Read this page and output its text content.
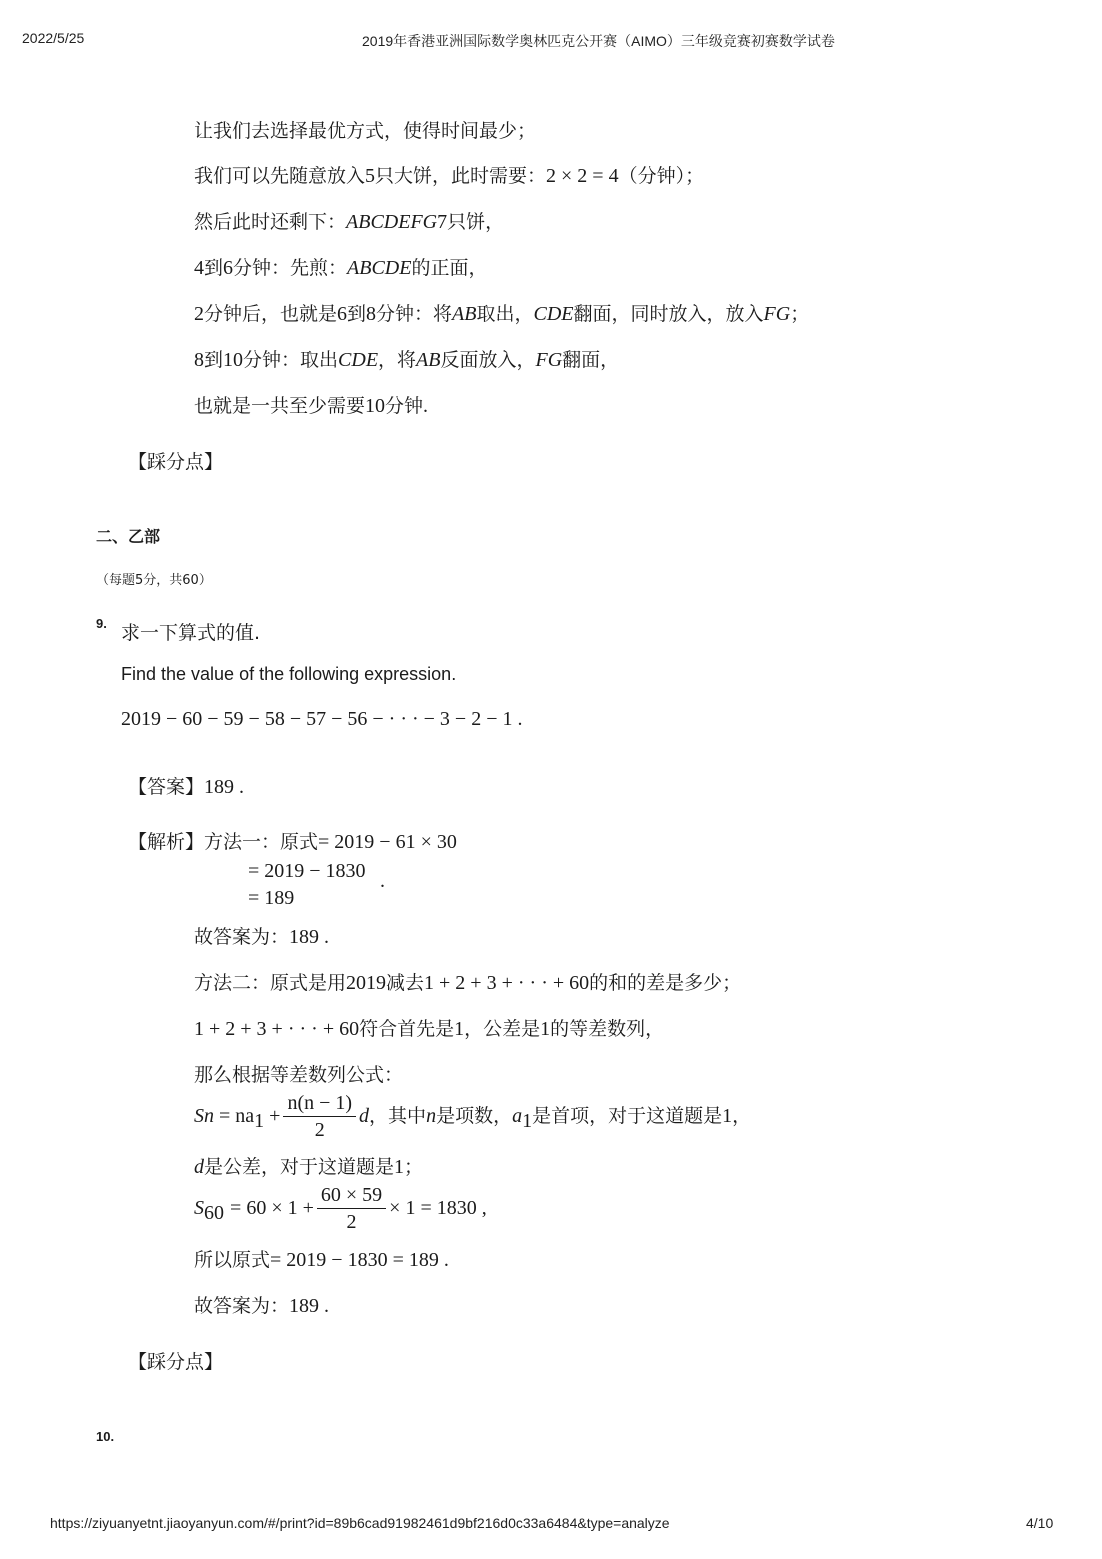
2022/5/25	2019年香港亚洲国际数学奥林匹克公开赛（AIMO）三年级竞赛初赛数学试卷
让我们去选择最优方式，使得时间最少；
我们可以先随意放入5只大饼，此时需要：2 × 2 = 4（分钟）；
然后此时还剩下：ABCDEFG7只饼，
4到6分钟：先煎：ABCDE的正面，
2分钟后，也就是6到8分钟：将AB取出，CDE翻面，同时放入，放入FG；
8到10分钟：取出CDE，将AB反面放入，FG翻面，
也就是一共至少需要10分钟.
【踩分点】
二、乙部
（每题5分，共60）
9. 求一下算式的值.
Find the value of the following expression.
2019 − 60 − 59 − 58 − 57 − 56 − · · · − 3 − 2 − 1 .
【答案】189 .
【解析】方法一：原式= 2019 − 61 × 30
= 2019 − 1830
= 189
.
故答案为：189 .
方法二：原式是用2019减去1 + 2 + 3 + · · · + 60的和的差是多少；
1 + 2 + 3 + · · · + 60符合首先是1，公差是1的等差数列，
那么根据等差数列公式：
$Sn = na_1 + \frac{n(n - 1)}{2}$ d，其中n是项数，$a_1$是首项，对于这道题是1，
d是公差，对于这道题是1；
$S_{60} = 60 \times 1 + \frac{60 \times 59}{2} \times 1 = 1830$ ,
所以原式= 2019 − 1830 = 189 .
故答案为：189 .
【踩分点】
10.
https://ziyuanyetnt.jiaoyanyun.com/#/print?id=89b6cad91982461d9bf216d0c33a6484&type=analyze	4/10
